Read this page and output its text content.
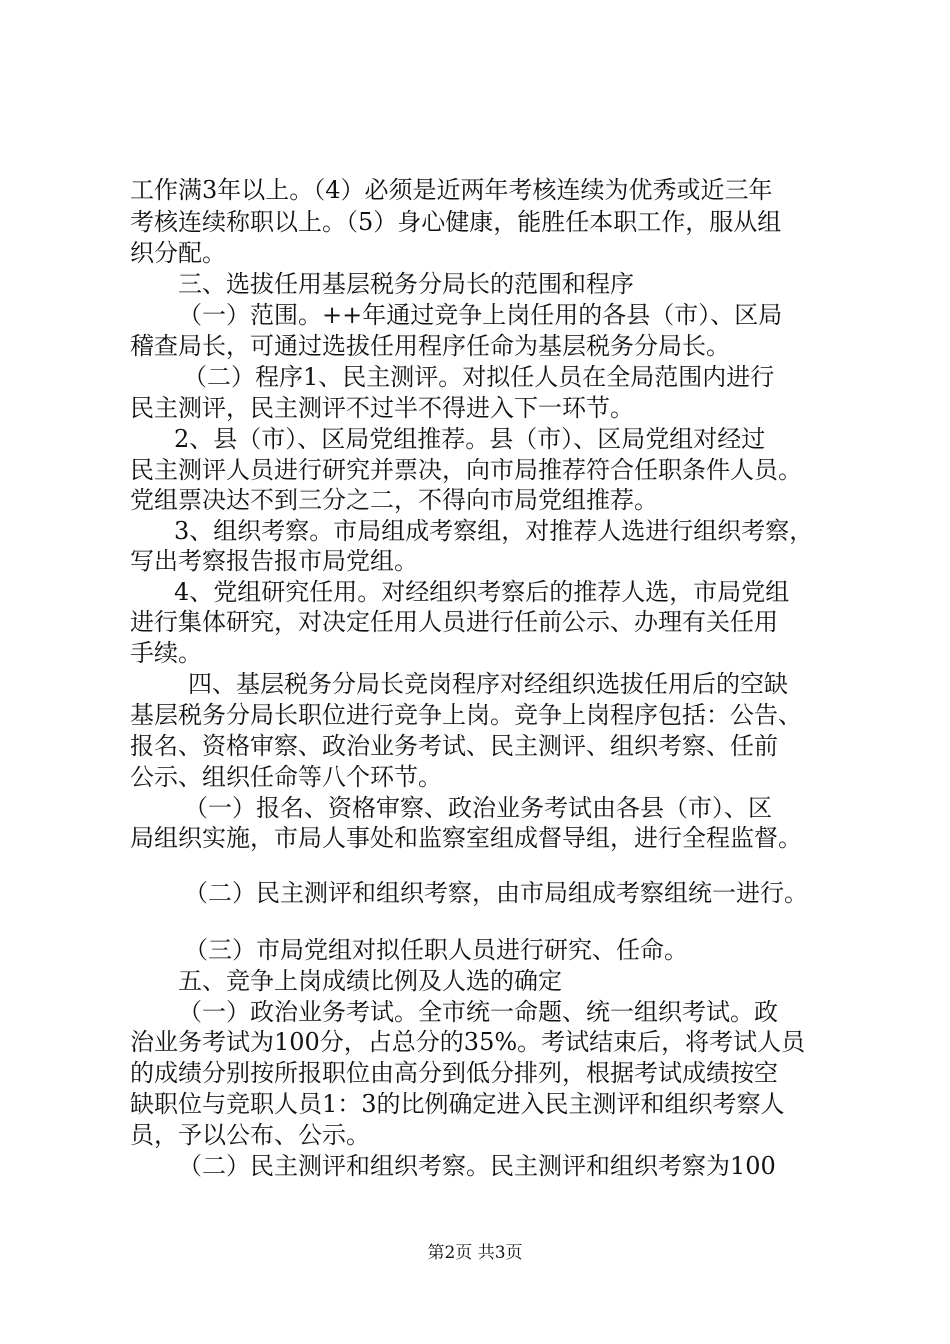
工作满3年以上。（4）必须是近两年考核连续为优秀或近三年
考核连续称职以上。（5）身心健康，能胜任本职工作，服从组
织分配。
三、选拔任用基层税务分局长的范围和程序
（一）范围。++年通过竞争上岗任用的各县（市）、区局
稽查局长，可通过选拔任用程序任命为基层税务分局长。
（二）程序1、民主测评。对拟任人员在全局范围内进行
民主测评，民主测评不过半不得进入下一环节。
2、县（市）、区局党组推荐。县（市）、区局党组对经过
民主测评人员进行研究并票决，向市局推荐符合任职条件人员。
党组票决达不到三分之二，不得向市局党组推荐。
3、组织考察。市局组成考察组，对推荐人选进行组织考察，
写出考察报告报市局党组。
4、党组研究任用。对经组织考察后的推荐人选，市局党组
进行集体研究，对决定任用人员进行任前公示、办理有关任用
手续。
四、基层税务分局长竞岗程序对经组织选拔任用后的空缺
基层税务分局长职位进行竞争上岗。竞争上岗程序包括：公告、
报名、资格审察、政治业务考试、民主测评、组织考察、任前
公示、组织任命等八个环节。
（一）报名、资格审察、政治业务考试由各县（市）、区
局组织实施，市局人事处和监察室组成督导组，进行全程监督。
（二）民主测评和组织考察，由市局组成考察组统一进行。
（三）市局党组对拟任职人员进行研究、任命。
五、竞争上岗成绩比例及人选的确定
（一）政治业务考试。全市统一命题、统一组织考试。政
治业务考试为100分，占总分的35%。考试结束后，将考试人员
的成绩分别按所报职位由高分到低分排列，根据考试成绩按空
缺职位与竞职人员1：3的比例确定进入民主测评和组织考察人
员，予以公布、公示。
（二）民主测评和组织考察。民主测评和组织考察为100
第2页 共3页
